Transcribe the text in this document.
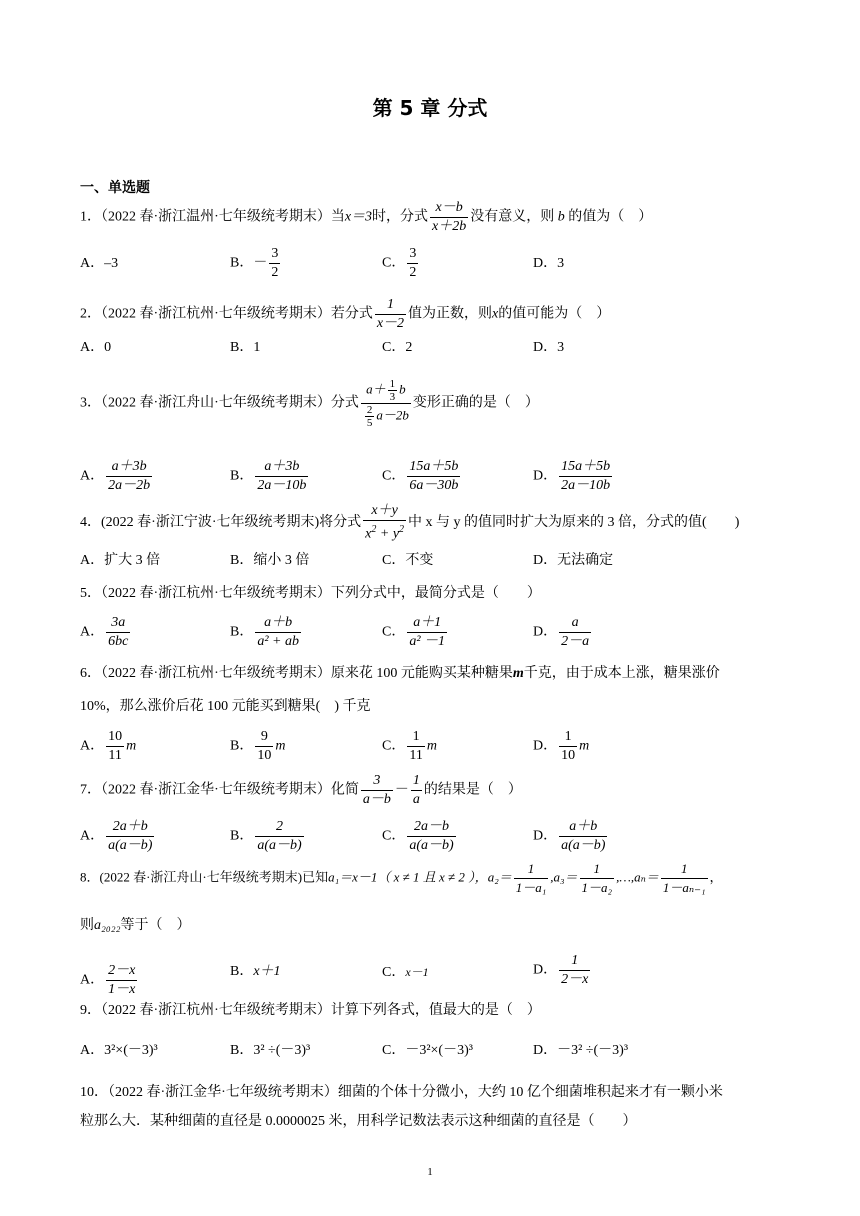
第 5 章 分式
一、单选题
1．（2022 春·浙江温州·七年级统考期末）当x＝3时，分式 $\frac{x-b}{x+2b}$ 没有意义，则 b 的值为（　）
A．–3	B．－ $\frac{3}{2}$	C． $\frac{3}{2}$	D．3
2．（2022 春·浙江杭州·七年级统考期末）若分式 $\frac{1}{x-2}$ 值为正数，则x的值可能为（　）
A．0	B．1	C．2	D．3
3．（2022 春·浙江舟山·七年级统考期末）分式 $\frac{a+ \frac{1}{3} b}{\frac{2}{5} a-2b}$ 变形正确的是（　）
A． $\frac{a+3b}{2a-2b}$	B． $\frac{a+3b}{2a-10b}$	C． $\frac{15a+5b}{6a-30b}$	D． $\frac{15a+5b}{2a-10b}$
4．(2022 春·浙江宁波·七年级统考期末)将分式 $\frac{x+y}{x^2 + y^2}$ 中 x 与 y 的值同时扩大为原来的 3 倍，分式的值(　　)
A．扩大 3 倍	B．缩小 3 倍	C．不变	D．无法确定
5．（2022 春·浙江杭州·七年级统考期末）下列分式中，最简分式是（　　）
A． $\frac{3a}{6bc}$	B． $\frac{a+b}{\text{a² + ab}}$	C． $\frac{a+1}{\text{a² －1}}$	D． $\frac{a}{2-a}$
6．（2022 春·浙江杭州·七年级统考期末）原来花 100 元能购买某种糖果m千克，由于成本上涨，糖果涨价
10%，那么涨价后花 100 元能买到糖果(　) 千克
A． $\frac{10}{11}$ m	B． $\frac{9}{10}$ m	C． $\frac{1}{11}$ m	D． $\frac{1}{10}$ m
7．（2022 春·浙江金华·七年级统考期末）化简 $\frac{3}{a-b} - \frac{1}{a}$ 的结果是（　）
A． $\frac{2a+b}{a(a-b)}$	B． $\frac{2}{a(a-b)}$	C． $\frac{2a-b}{a(a-b)}$	D． $\frac{a+b}{a(a-b)}$
8．(2022 春·浙江舟山·七年级统考期末)已知a₁＝x－1（ x ≠ 1 且 x ≠ 2 ），$a_2= \frac{1}{\text{1－a₁}} ,a_3= \frac{1}{\text{1－a₂}}$ ,…,aₙ＝ $\frac{1}{\text{1－aₙ₋₁}}$ ，
则a₂₀₂₂等于（　）
A． $\frac{2-x}{1-x}$	B．x＋1	C．x－1	D． $\frac{1}{2-x}$
9．（2022 春·浙江杭州·七年级统考期末）计算下列各式，值最大的是（　）
A．3²×(－3)³	B．3² ÷(－3)³	C．－3²×(－3)³	D．－3² ÷(－3)³
10．（2022 春·浙江金华·七年级统考期末）细菌的个体十分微小，大约 10 亿个细菌堆积起来才有一颗小米
粒那么大．某种细菌的直径是 0.0000025 米，用科学记数法表示这种细菌的直径是（　　）
1
